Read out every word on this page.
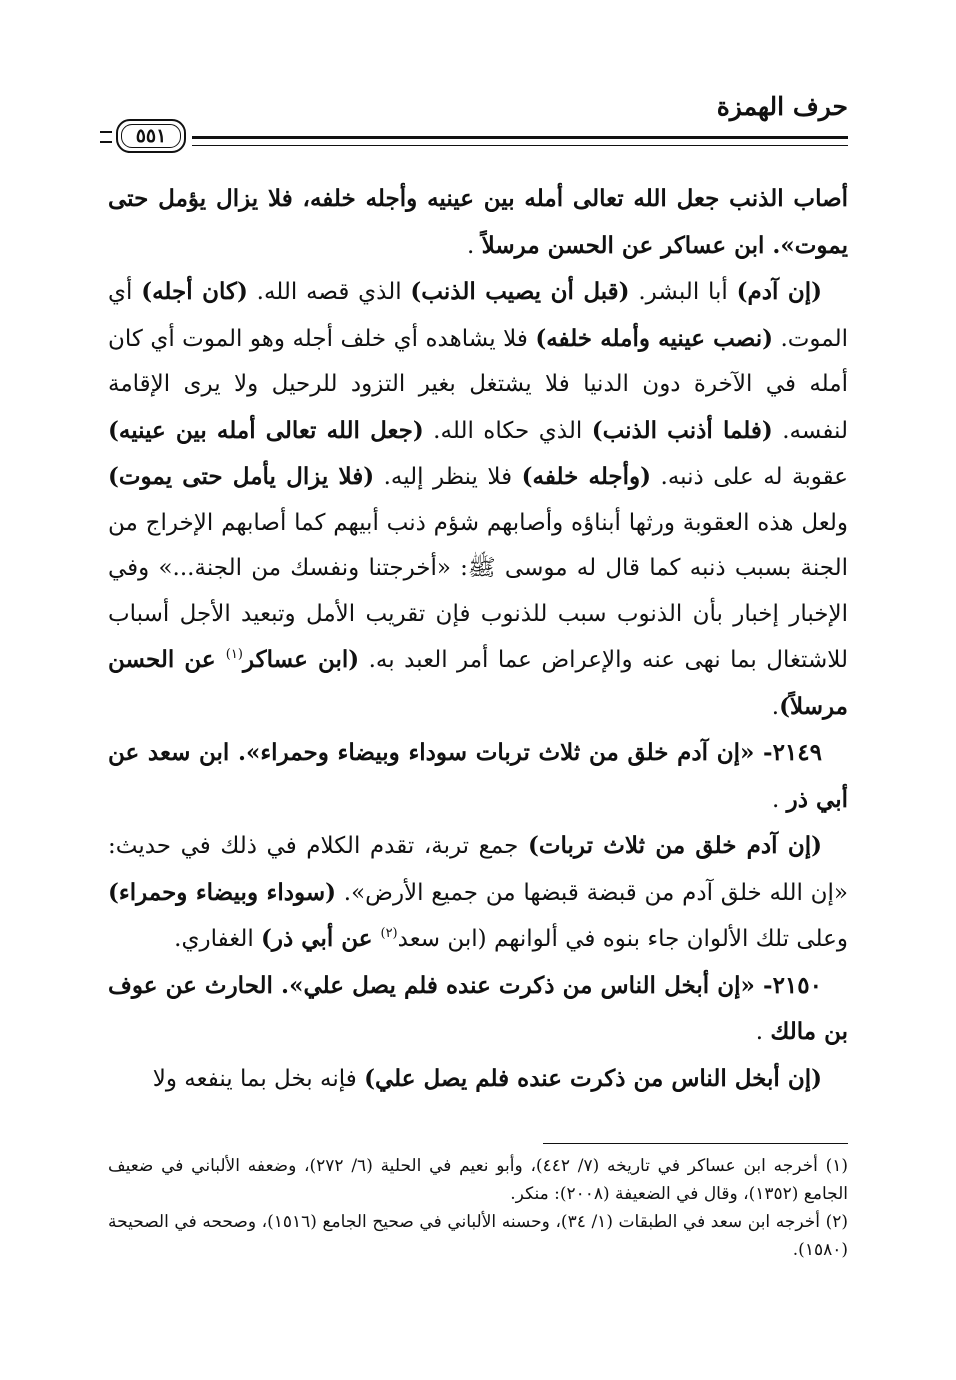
حرف الهمزة
٥٥١

أصاب الذنب جعل الله تعالى أمله بين عينيه وأجله خلفه، فلا يزال يؤمل حتى يموت». ابن عساكر عن الحسن مرسلاً .

(إن آدم) أبا البشر. (قبل أن يصيب الذنب) الذي قصه الله. (كان أجله) أي الموت. (نصب عينيه وأمله خلفه) فلا يشاهده أي خلف أجله وهو الموت أي كان أمله في الآخرة دون الدنيا فلا يشتغل بغير التزود للرحيل ولا يرى الإقامة لنفسه. (فلما أذنب الذنب) الذي حكاه الله. (جعل الله تعالى أمله بين عينيه) عقوبة له على ذنبه. (وأجله خلفه) فلا ينظر إليه. (فلا يزال يأمل حتى يموت) ولعل هذه العقوبة ورثها أبناؤه وأصابهم شؤم ذنب أبيهم كما أصابهم الإخراج من الجنة بسبب ذنبه كما قال له موسى ﷺ: «أخرجتنا ونفسك من الجنة...» وفي الإخبار إخبار بأن الذنوب سبب للذنوب فإن تقريب الأمل وتبعيد الأجل أسباب للاشتغال بما نهى عنه والإعراض عما أمر العبد به. (ابن عساكر$^{(١)}$ عن الحسن مرسلاً).

٢١٤٩- «إن آدم خلق من ثلاث تربات سوداء وبيضاء وحمراء». ابن سعد عن أبي ذر .

(إن آدم خلق من ثلاث تربات) جمع تربة، تقدم الكلام في ذلك في حديث: «إن الله خلق آدم من قبضة قبضها من جميع الأرض». (سوداء وبيضاء وحمراء) وعلى تلك الألوان جاء بنوه في ألوانهم (ابن سعد$^{(٢)}$ عن أبي ذر) الغفاري.

٢١٥٠- «إن أبخل الناس من ذكرت عنده فلم يصل علي». الحارث عن عوف بن مالك .

(إن أبخل الناس من ذكرت عنده فلم يصل علي) فإنه بخل بما ينفعه ولا

(١) أخرجه ابن عساكر في تاريخه (٧/ ٤٤٢)، وأبو نعيم في الحلية (٦/ ٢٧٢)، وضعفه الألباني في ضعيف الجامع (١٣٥٢)، وقال في الضعيفة (٢٠٠٨): منكر.

(٢) أخرجه ابن سعد في الطبقات (١/ ٣٤)، وحسنه الألباني في صحيح الجامع (١٥١٦)، وصححه في الصحيحة (١٥٨٠).
